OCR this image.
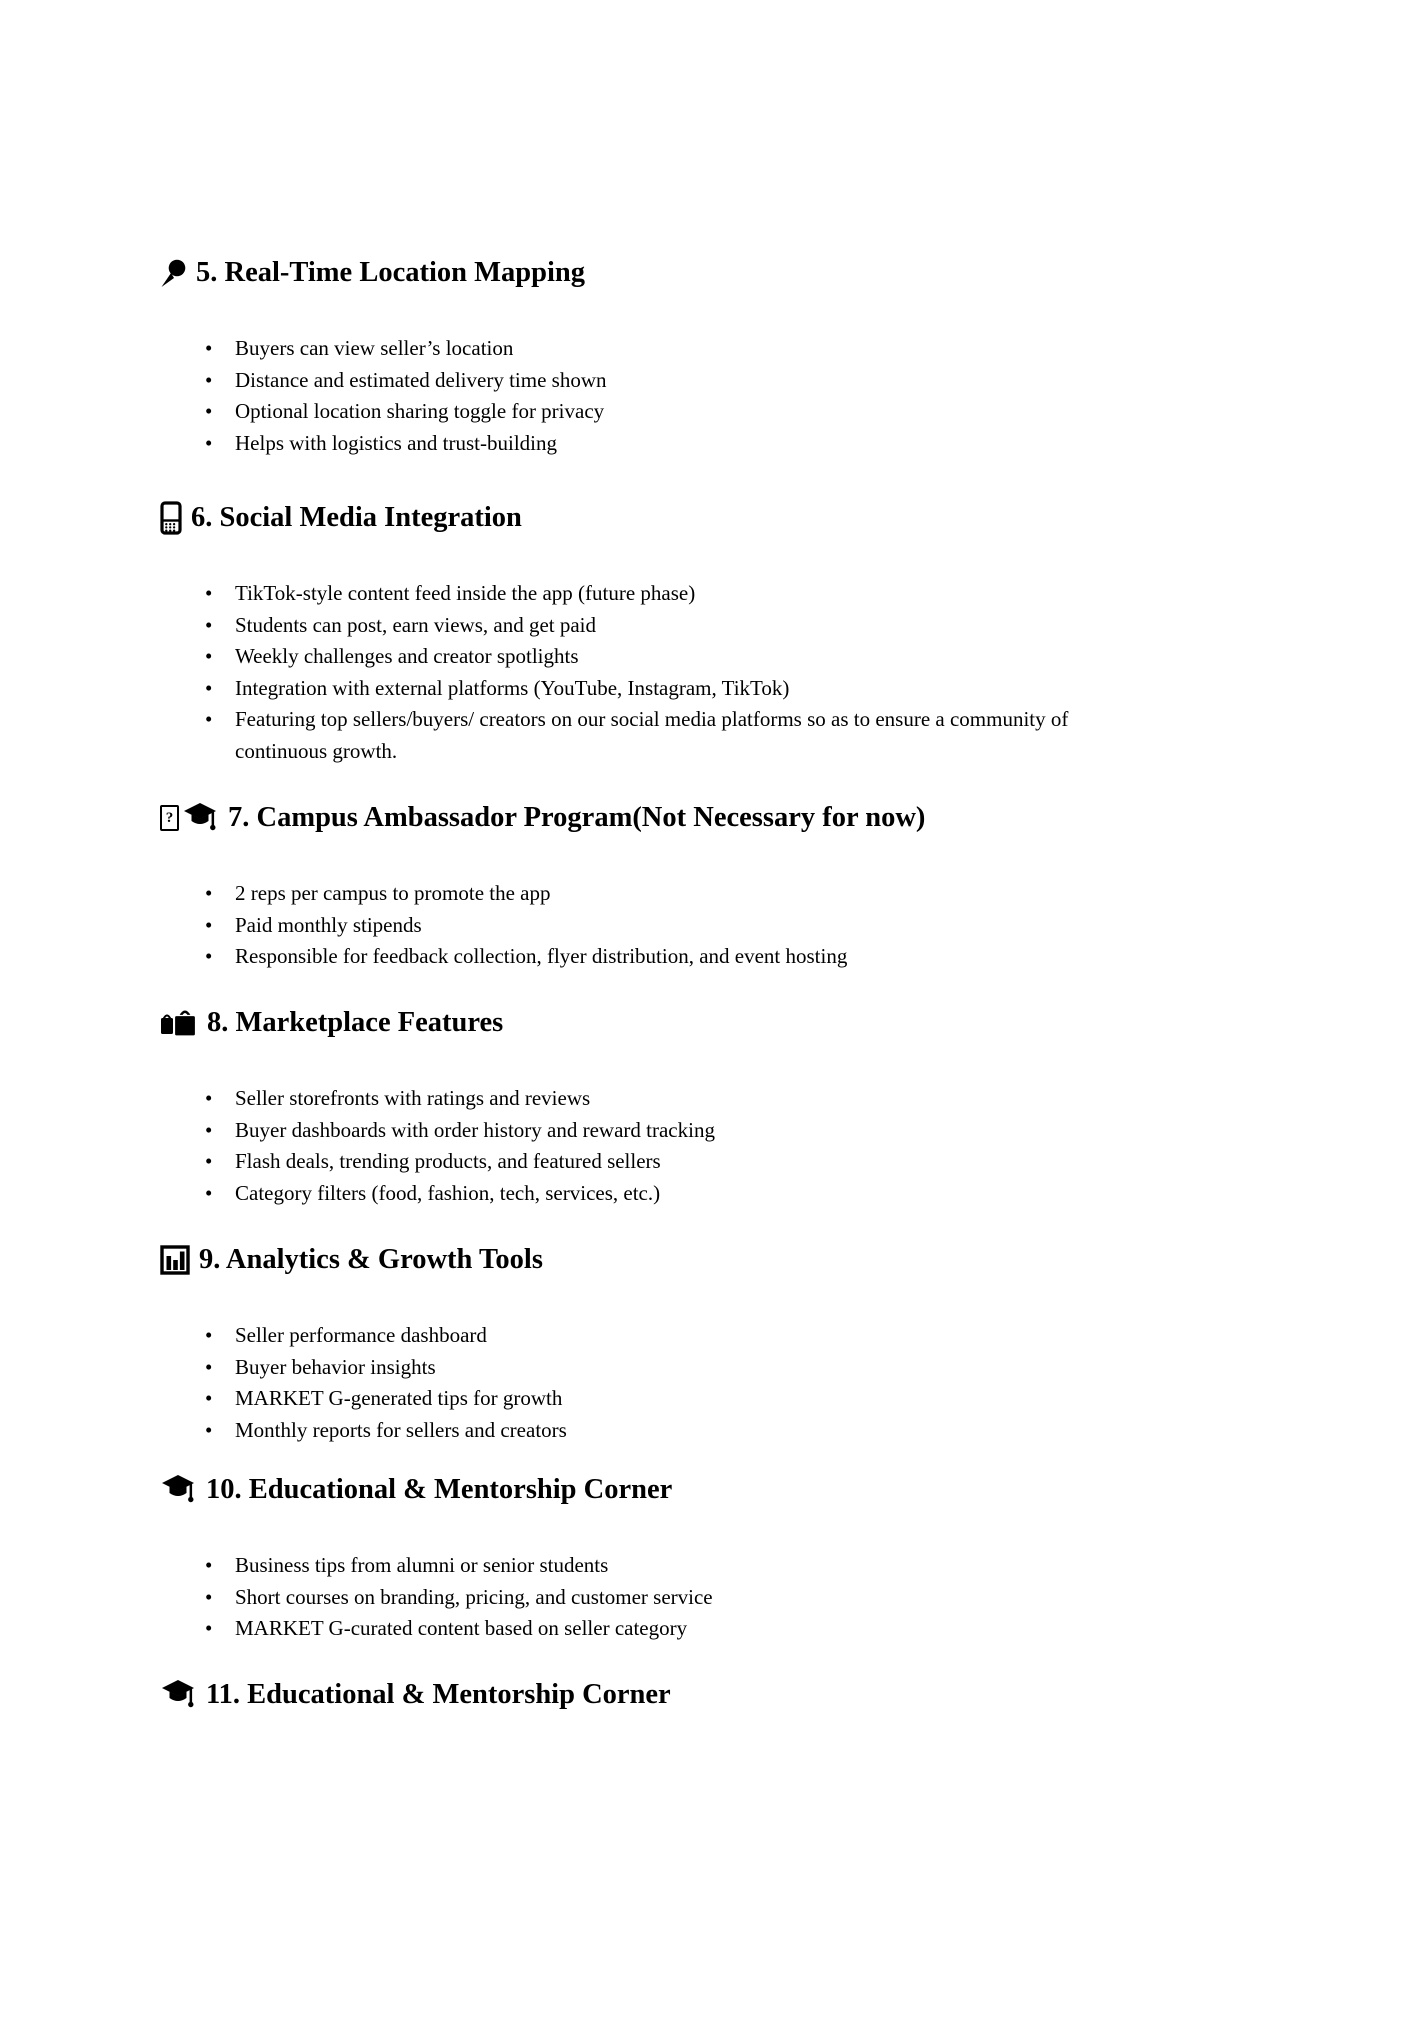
5. Real-Time Location Mapping
• Buyers can view seller’s location
• Distance and estimated delivery time shown
• Optional location sharing toggle for privacy
• Helps with logistics and trust-building
6. Social Media Integration
• TikTok-style content feed inside the app (future phase)
• Students can post, earn views, and get paid
• Weekly challenges and creator spotlights
• Integration with external platforms (YouTube, Instagram, TikTok)
• Featuring top sellers/buyers/ creators on our social media platforms so as to ensure a community of continuous growth.
? 7. Campus Ambassador Program(Not Necessary for now)
• 2 reps per campus to promote the app
• Paid monthly stipends
• Responsible for feedback collection, flyer distribution, and event hosting
8. Marketplace Features
• Seller storefronts with ratings and reviews
• Buyer dashboards with order history and reward tracking
• Flash deals, trending products, and featured sellers
• Category filters (food, fashion, tech, services, etc.)
9. Analytics & Growth Tools
• Seller performance dashboard
• Buyer behavior insights
• MARKET G-generated tips for growth
• Monthly reports for sellers and creators
10. Educational & Mentorship Corner
• Business tips from alumni or senior students
• Short courses on branding, pricing, and customer service
• MARKET G-curated content based on seller category
11. Educational & Mentorship Corner
